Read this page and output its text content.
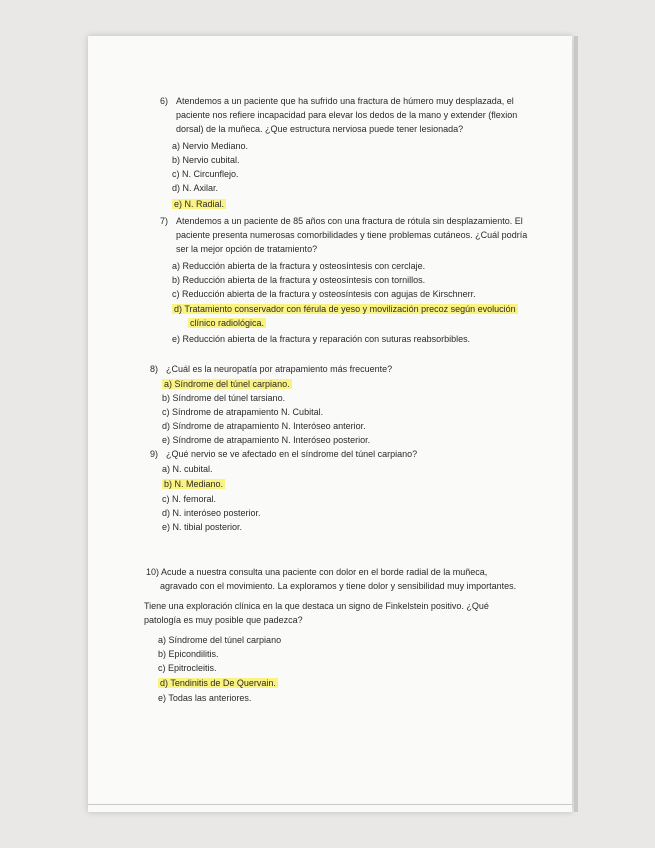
6) Atendemos a un paciente que ha sufrido una fractura de húmero muy desplazada, el
paciente nos refiere incapacidad para elevar los dedos de la mano y extender (flexion
dorsal) de la muñeca. ¿Que estructura nerviosa puede tener lesionada?
a) Nervio Mediano.
b) Nervio cubital.
c) N. Circunflejo.
d) N. Axilar.
e) N. Radial.
7) Atendemos a un paciente de 85 años con una fractura de rótula sin desplazamiento. El
paciente presenta numerosas comorbilidades y tiene problemas cutáneos. ¿Cuál podría
ser la mejor opción de tratamiento?
a) Reducción abierta de la fractura y osteosíntesis con cerclaje.
b) Reducción abierta de la fractura y osteosíntesis con tornillos.
c) Reducción abierta de la fractura y osteosíntesis con agujas de Kirschnerr.
d) Tratamiento conservador con férula de yeso y movilización precoz según evolución
clínico radiológica.
e) Reducción abierta de la fractura y reparación con suturas reabsorbibles.
8) ¿Cuál es la neuropatía por atrapamiento más frecuente?
a) Síndrome del túnel carpiano.
b) Síndrome del túnel tarsiano.
c) Síndrome de atrapamiento N. Cubital.
d) Síndrome de atrapamiento N. Interóseo anterior.
e) Síndrome de atrapamiento N. Interóseo posterior.
9) ¿Qué nervio se ve afectado en el síndrome del túnel carpiano?
a) N. cubital.
b) N. Mediano.
c) N. femoral.
d) N. interóseo posterior.
e) N. tibial posterior.
10) Acude a nuestra consulta una paciente con dolor en el borde radial de la muñeca,
agravado con el movimiento. La exploramos y tiene dolor y sensibilidad muy importantes.
Tiene una exploración clínica en la que destaca un signo de Finkelstein positivo. ¿Qué
patología es muy posible que padezca?
a) Síndrome del túnel carpiano
b) Epicondilitis.
c) Epitrocleitis.
d) Tendinitis de De Quervain.
e) Todas las anteriores.
